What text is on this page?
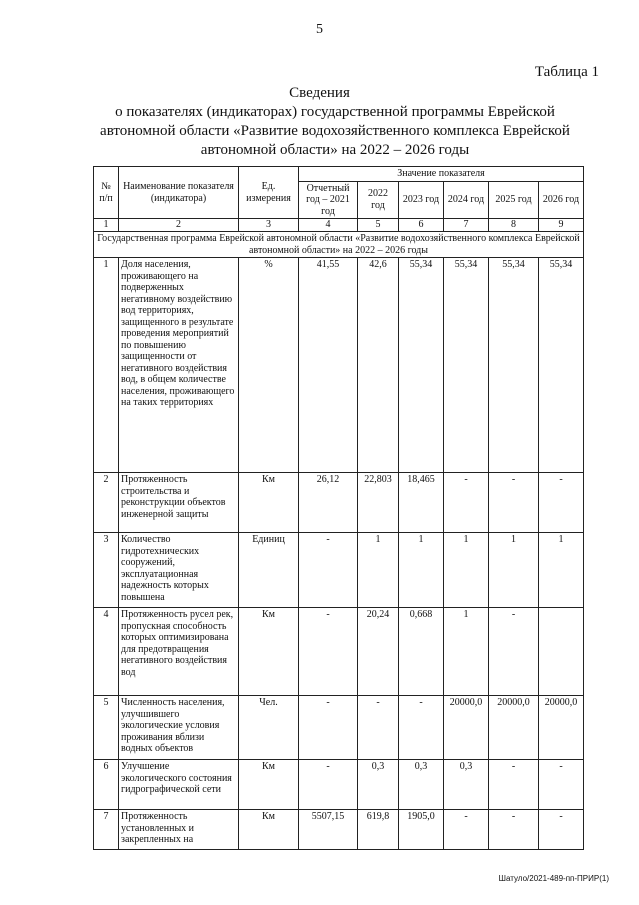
5
Таблица 1
Сведения
о показателях (индикаторах) государственной программы Еврейской автономной области «Развитие водохозяйственного комплекса Еврейской автономной области» на 2022 – 2026 годы
№ п/п	Наименование показателя (индикатора)	Ед. измерения	Значение показателя					
			Отчетный год – 2021 год	2022 год	2023 год	2024 год	2025 год	2026 год
1	2	3	4	5	6	7	8	9
Государственная программа Еврейской автономной области «Развитие водохозяйственного комплекса Еврейской автономной области» на 2022 – 2026 годы								
1	Доля населения, проживающего на подверженных негативному воздействию вод территориях, защищенного в результате проведения мероприятий по повышению защищенности от негативного воздействия вод, в общем количестве населения, проживающего на таких территориях	%	41,55	42,6	55,34	55,34	55,34	55,34
2	Протяженность строительства и реконструкции объектов инженерной защиты	Км	26,12	22,803	18,465	-	-	-
3	Количество гидротехнических сооружений, эксплуатационная надежность которых повышена	Единиц	-	1	1	1	1	1
4	Протяженность русел рек, пропускная способность которых оптимизирована для предотвращения негативного воздействия вод	Км	-	20,24	0,668	1	-	
5	Численность населения, улучшившего экологические условия проживания вблизи водных объектов	Чел.	-	-	-	20000,0	20000,0	20000,0
6	Улучшение экологического состояния гидрографической сети	Км	-	0,3	0,3	0,3	-	-
7	Протяженность установленных и закрепленных на	Км	5507,15	619,8	1905,0	-	-	-
Шатуло/2021-489-пп-ПРИР(1)
